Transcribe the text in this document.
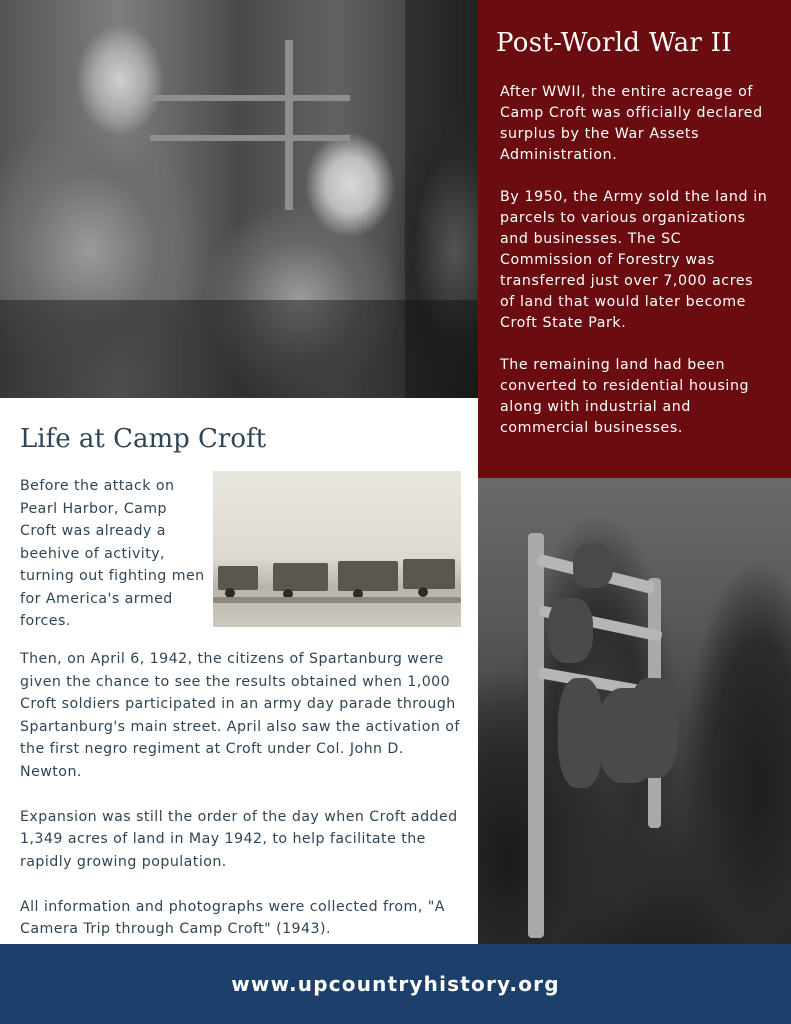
Post-World War II

After WWII, the entire acreage of Camp Croft was officially declared surplus by the War Assets Administration.

By 1950, the Army sold the land in parcels to various organizations and businesses. The SC Commission of Forestry was transferred just over 7,000 acres of land that would later become Croft State Park.

The remaining land had been converted to residential housing along with industrial and commercial businesses.

Life at Camp Croft
Before the attack on Pearl Harbor, Camp Croft was already a beehive of activity, turning out fighting men for America's armed forces.

Then, on April 6, 1942, the citizens of Spartanburg were given the chance to see the results obtained when 1,000 Croft soldiers participated in an army day parade through Spartanburg's main street. April also saw the activation of the first negro regiment at Croft under Col. John D. Newton.

Expansion was still the order of the day when Croft added 1,349 acres of land in May 1942, to help facilitate the rapidly growing population.

All information and photographs were collected from, "A Camera Trip through Camp Croft" (1943).

www.upcountryhistory.org
